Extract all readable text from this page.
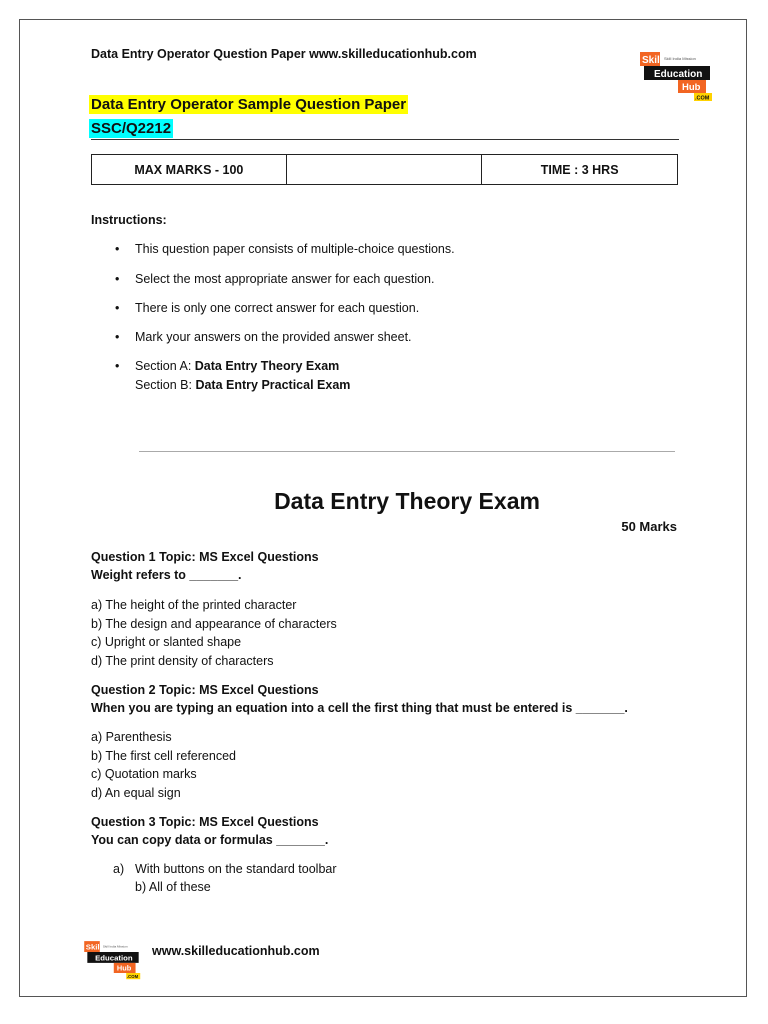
Data Entry Operator Question Paper www.skilleducationhub.com	Skill Skill India Mission
Education
Hub
.COM
Data Entry Operator Sample Question Paper
SSC/Q2212
MAX MARKS - 100		TIME : 3 HRS
Instructions:
• This question paper consists of multiple-choice questions.
• Select the most appropriate answer for each question.
• There is only one correct answer for each question.
• Mark your answers on the provided answer sheet.
• Section A: Data Entry Theory Exam
Section B: Data Entry Practical Exam
Data Entry Theory Exam
50 Marks
Question 1 Topic: MS Excel Questions
Weight refers to _______.
a) The height of the printed character
b) The design and appearance of characters
c) Upright or slanted shape
d) The print density of characters
Question 2 Topic: MS Excel Questions
When you are typing an equation into a cell the first thing that must be entered is _______.
a) Parenthesis
b) The first cell referenced
c) Quotation marks
d) An equal sign
Question 3 Topic: MS Excel Questions
You can copy data or formulas _______.
a) With buttons on the standard toolbar
b) All of these
Skill Skill India Mission
Education
Hub
.COM
www.skilleducationhub.com
